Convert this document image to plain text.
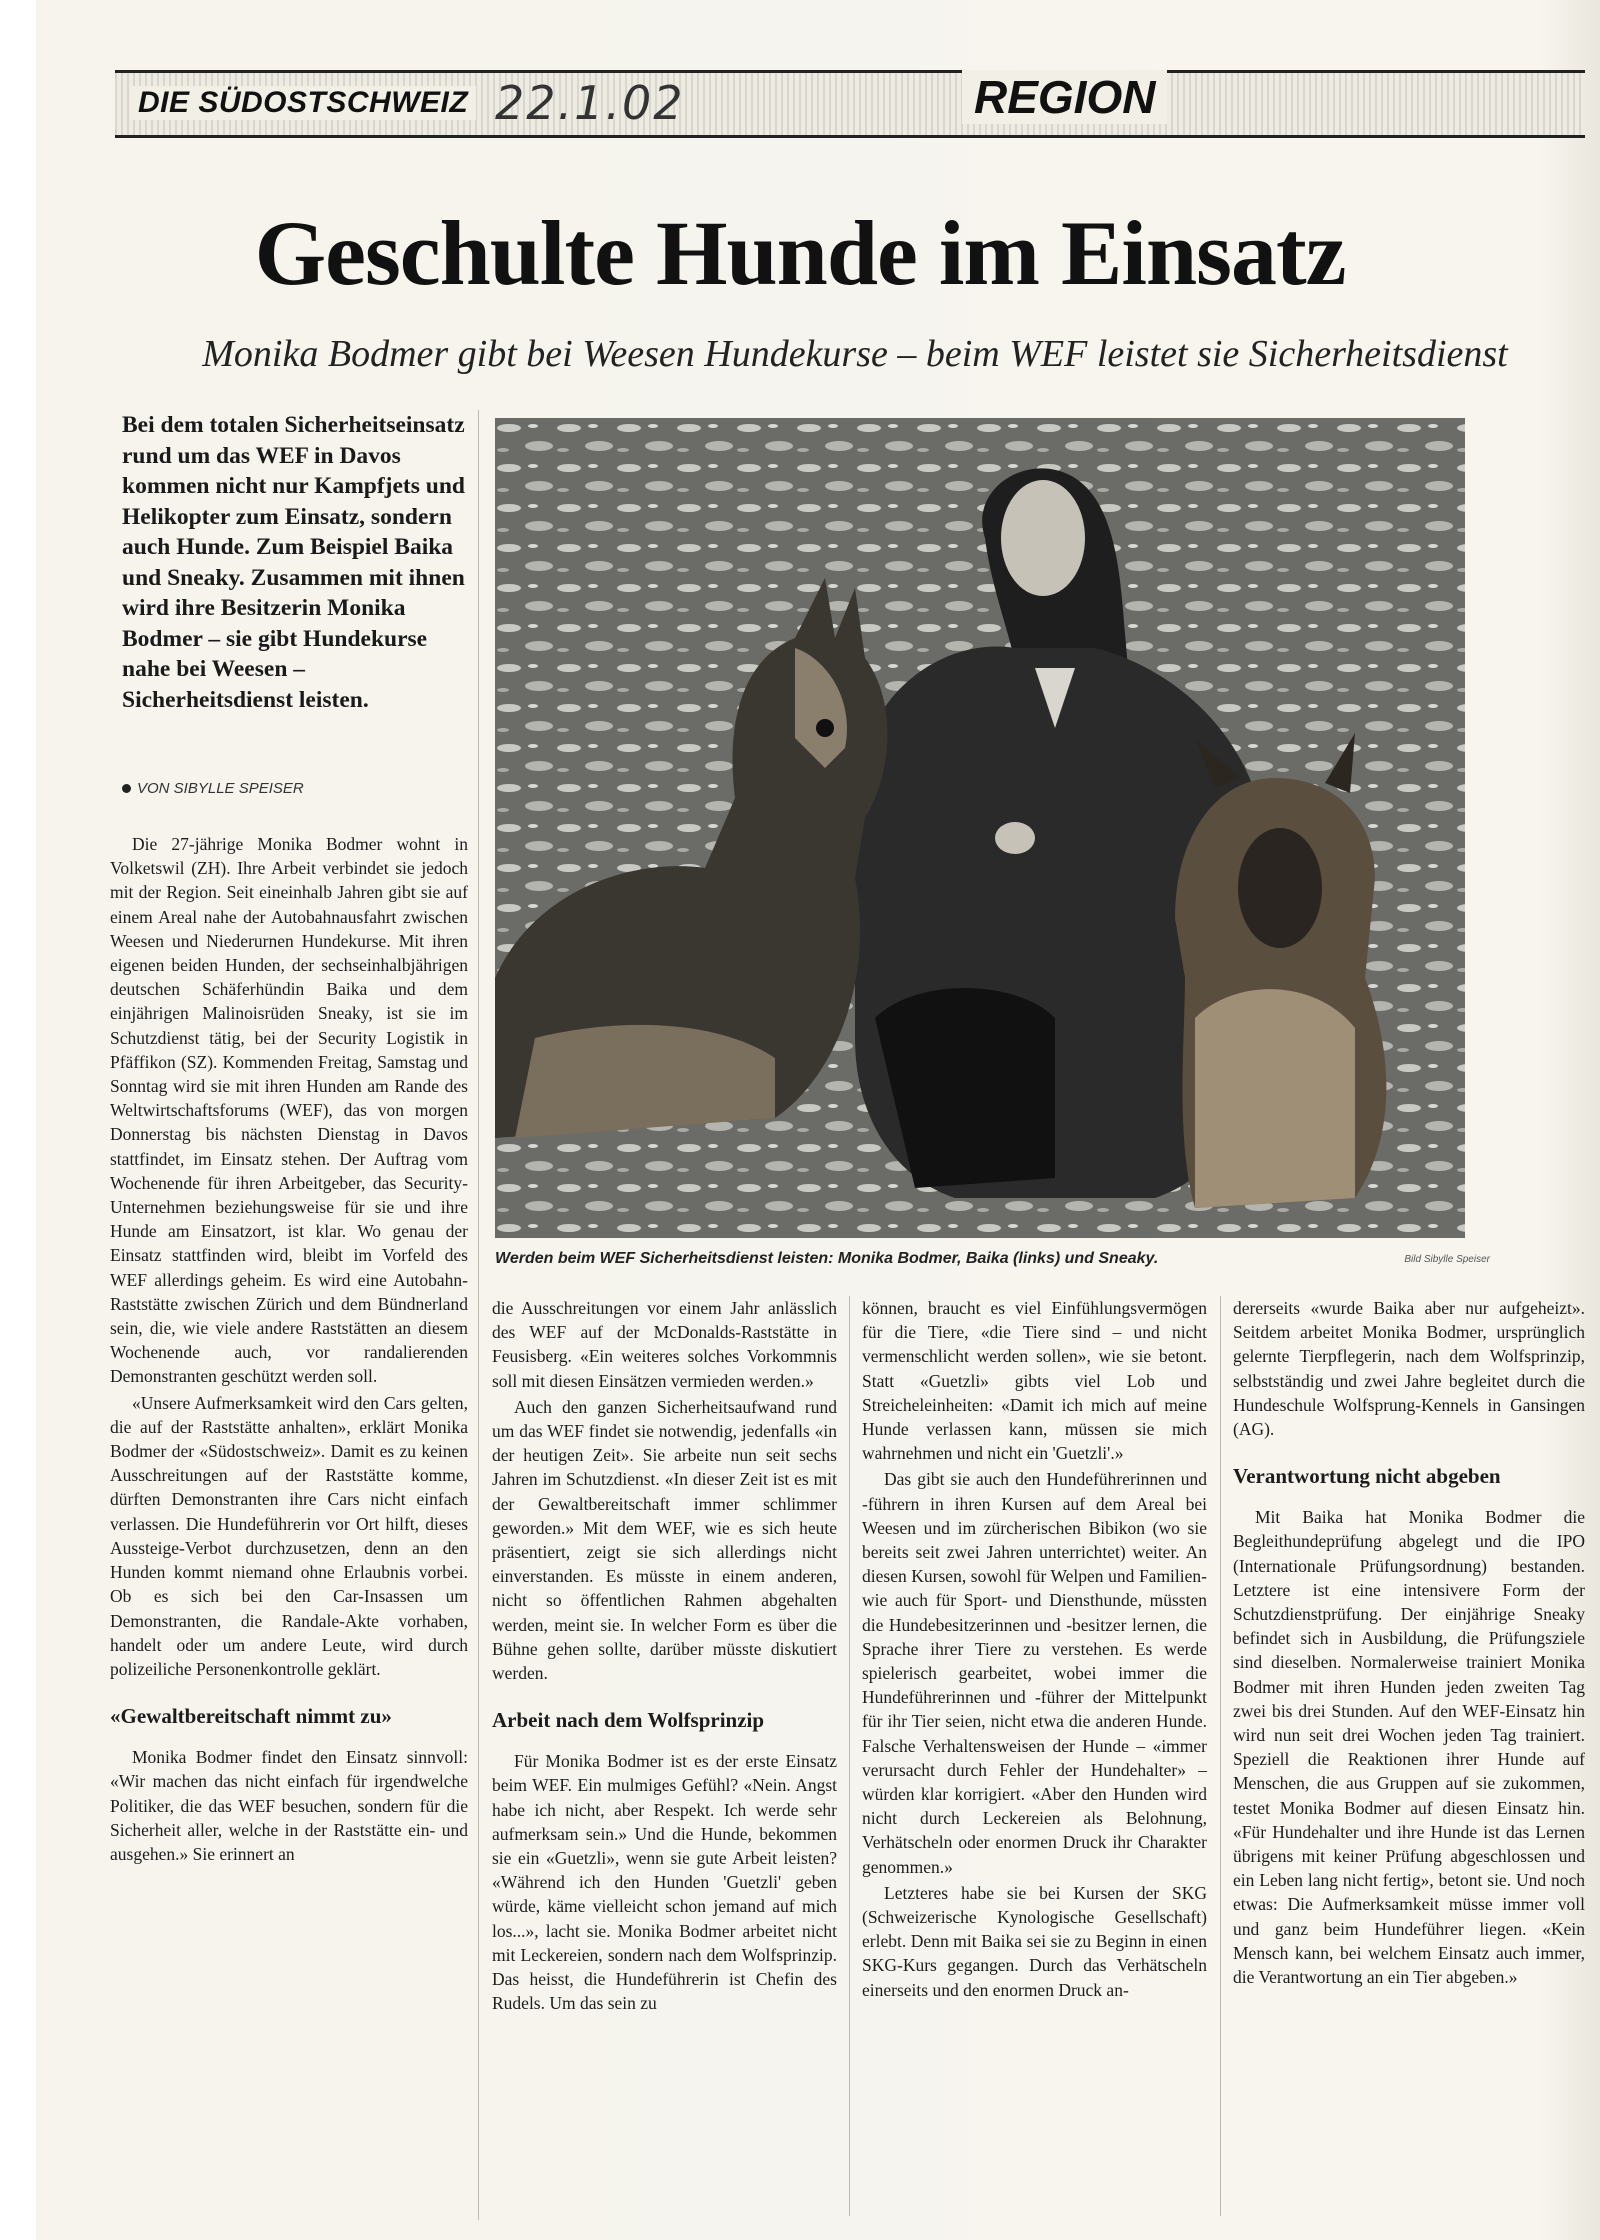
DIE SÜDOSTSCHWEIZ 22.1.02	REGION
Geschulte Hunde im Einsatz
Monika Bodmer gibt bei Weesen Hundekurse – beim WEF leistet sie Sicherheitsdienst
Bei dem totalen Sicherheitseinsatz rund um das WEF in Davos kommen nicht nur Kampfjets und Helikopter zum Einsatz, sondern auch Hunde. Zum Beispiel Baika und Sneaky. Zusammen mit ihnen wird ihre Besitzerin Monika Bodmer – sie gibt Hundekurse nahe bei Weesen – Sicherheitsdienst leisten.
VON SIBYLLE SPEISER
Werden beim WEF Sicherheitsdienst leisten: Monika Bodmer, Baika (links) und Sneaky.	Bild Sibylle Speiser

Die 27-jährige Monika Bodmer wohnt in Volketswil (ZH). Ihre Arbeit verbindet sie jedoch mit der Region. Seit eineinhalb Jahren gibt sie auf einem Areal nahe der Autobahnausfahrt zwischen Weesen und Niederurnen Hundekurse. Mit ihren eigenen beiden Hunden, der sechseinhalbjährigen deutschen Schäferhündin Baika und dem einjährigen Malinoisrüden Sneaky, ist sie im Schutzdienst tätig, bei der Security Logistik in Pfäffikon (SZ). Kommenden Freitag, Samstag und Sonntag wird sie mit ihren Hunden am Rande des Weltwirtschaftsforums (WEF), das von morgen Donnerstag bis nächsten Dienstag in Davos stattfindet, im Einsatz stehen. Der Auftrag vom Wochenende für ihren Arbeitgeber, das Security-Unternehmen beziehungsweise für sie und ihre Hunde am Einsatzort, ist klar. Wo genau der Einsatz stattfinden wird, bleibt im Vorfeld des WEF allerdings geheim. Es wird eine Autobahn-Raststätte zwischen Zürich und dem Bündnerland sein, die, wie viele andere Raststätten an diesem Wochenende auch, vor randalierenden Demonstranten geschützt werden soll.

«Unsere Aufmerksamkeit wird den Cars gelten, die auf der Raststätte anhalten», erklärt Monika Bodmer der «Südostschweiz». Damit es zu keinen Ausschreitungen auf der Raststätte komme, dürften Demonstranten ihre Cars nicht einfach verlassen. Die Hundeführerin vor Ort hilft, dieses Aussteige-Verbot durchzusetzen, denn an den Hunden kommt niemand ohne Erlaubnis vorbei. Ob es sich bei den Car-Insassen um Demonstranten, die Randale-Akte vorhaben, handelt oder um andere Leute, wird durch polizeiliche Personenkontrolle geklärt.

«Gewaltbereitschaft nimmt zu»

Monika Bodmer findet den Einsatz sinnvoll: «Wir machen das nicht einfach für irgendwelche Politiker, die das WEF besuchen, sondern für die Sicherheit aller, welche in der Raststätte ein- und ausgehen.» Sie erinnert an

die Ausschreitungen vor einem Jahr anlässlich des WEF auf der McDonalds-Raststätte in Feusisberg. «Ein weiteres solches Vorkommnis soll mit diesen Einsätzen vermieden werden.»

Auch den ganzen Sicherheitsaufwand rund um das WEF findet sie notwendig, jedenfalls «in der heutigen Zeit». Sie arbeite nun seit sechs Jahren im Schutzdienst. «In dieser Zeit ist es mit der Gewaltbereitschaft immer schlimmer geworden.» Mit dem WEF, wie es sich heute präsentiert, zeigt sie sich allerdings nicht einverstanden. Es müsste in einem anderen, nicht so öffentlichen Rahmen abgehalten werden, meint sie. In welcher Form es über die Bühne gehen sollte, darüber müsste diskutiert werden.

Arbeit nach dem Wolfsprinzip

Für Monika Bodmer ist es der erste Einsatz beim WEF. Ein mulmiges Gefühl? «Nein. Angst habe ich nicht, aber Respekt. Ich werde sehr aufmerksam sein.» Und die Hunde, bekommen sie ein «Guetzli», wenn sie gute Arbeit leisten? «Während ich den Hunden 'Guetzli' geben würde, käme vielleicht schon jemand auf mich los...», lacht sie. Monika Bodmer arbeitet nicht mit Leckereien, sondern nach dem Wolfsprinzip. Das heisst, die Hundeführerin ist Chefin des Rudels. Um das sein zu

können, braucht es viel Einfühlungsvermögen für die Tiere, «die Tiere sind – und nicht vermenschlicht werden sollen», wie sie betont. Statt «Guetzli» gibts viel Lob und Streicheleinheiten: «Damit ich mich auf meine Hunde verlassen kann, müssen sie mich wahrnehmen und nicht ein 'Guetzli'.»

Das gibt sie auch den Hundeführerinnen und -führern in ihren Kursen auf dem Areal bei Weesen und im zürcherischen Bibikon (wo sie bereits seit zwei Jahren unterrichtet) weiter. An diesen Kursen, sowohl für Welpen und Familien- wie auch für Sport- und Diensthunde, müssten die Hundebesitzerinnen und -besitzer lernen, die Sprache ihrer Tiere zu verstehen. Es werde spielerisch gearbeitet, wobei immer die Hundeführerinnen und -führer der Mittelpunkt für ihr Tier seien, nicht etwa die anderen Hunde. Falsche Verhaltensweisen der Hunde – «immer verursacht durch Fehler der Hundehalter» – würden klar korrigiert. «Aber den Hunden wird nicht durch Leckereien als Belohnung, Verhätscheln oder enormen Druck ihr Charakter genommen.»

Letzteres habe sie bei Kursen der SKG (Schweizerische Kynologische Gesellschaft) erlebt. Denn mit Baika sei sie zu Beginn in einen SKG-Kurs gegangen. Durch das Verhätscheln einerseits und den enormen Druck an-

dererseits «wurde Baika aber nur aufgeheizt». Seitdem arbeitet Monika Bodmer, ursprünglich gelernte Tierpflegerin, nach dem Wolfsprinzip, selbstständig und zwei Jahre begleitet durch die Hundeschule Wolfsprung-Kennels in Gansingen (AG).

Verantwortung nicht abgeben

Mit Baika hat Monika Bodmer die Begleithundeprüfung abgelegt und die IPO (Internationale Prüfungsordnung) bestanden. Letztere ist eine intensivere Form der Schutzdienstprüfung. Der einjährige Sneaky befindet sich in Ausbildung, die Prüfungsziele sind dieselben. Normalerweise trainiert Monika Bodmer mit ihren Hunden jeden zweiten Tag zwei bis drei Stunden. Auf den WEF-Einsatz hin wird nun seit drei Wochen jeden Tag trainiert. Speziell die Reaktionen ihrer Hunde auf Menschen, die aus Gruppen auf sie zukommen, testet Monika Bodmer auf diesen Einsatz hin. «Für Hundehalter und ihre Hunde ist das Lernen übrigens mit keiner Prüfung abgeschlossen und ein Leben lang nicht fertig», betont sie. Und noch etwas: Die Aufmerksamkeit müsse immer voll und ganz beim Hundeführer liegen. «Kein Mensch kann, bei welchem Einsatz auch immer, die Verantwortung an ein Tier abgeben.»
